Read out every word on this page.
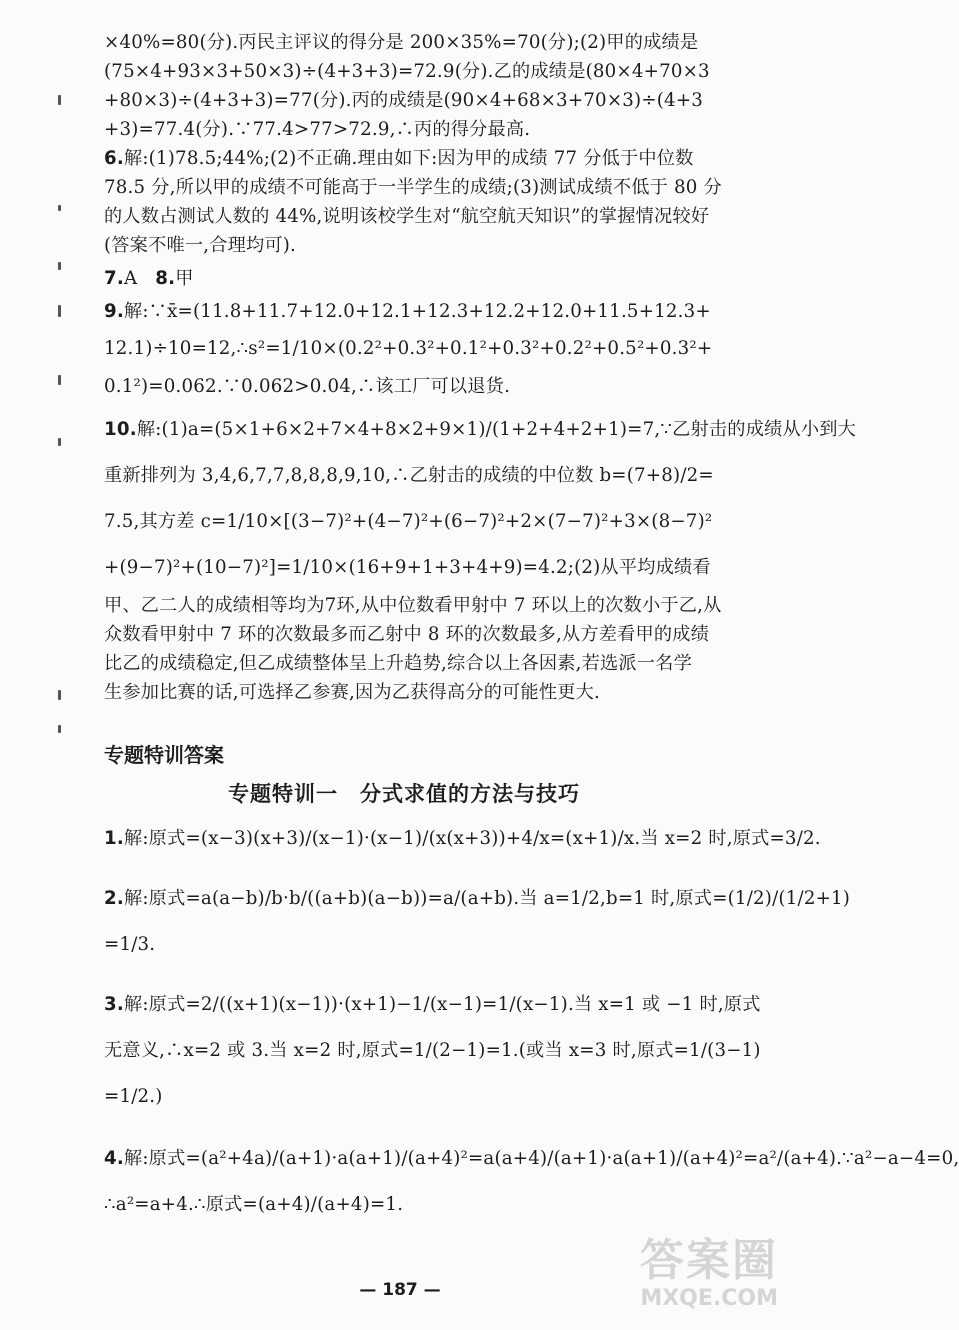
×40%=80(分).丙民主评议的得分是 200×35%=70(分);(2)甲的成绩是
(75×4+93×3+50×3)÷(4+3+3)=72.9(分).乙的成绩是(80×4+70×3
+80×3)÷(4+3+3)=77(分).丙的成绩是(90×4+68×3+70×3)÷(4+3
+3)=77.4(分).∵77.4>77>72.9,∴丙的得分最高.
6.解:(1)78.5;44%;(2)不正确.理由如下:因为甲的成绩 77 分低于中位数
78.5 分,所以甲的成绩不可能高于一半学生的成绩;(3)测试成绩不低于 80 分
的人数占测试人数的 44%,说明该校学生对“航空航天知识”的掌握情况较好
(答案不唯一,合理均可).
7.A 8.甲
9.解:∵x̄=(11.8+11.7+12.0+12.1+12.3+12.2+12.0+11.5+12.3+
12.1)÷10=12,∴s²=1/10×(0.2²+0.3²+0.1²+0.3²+0.2²+0.5²+0.3²+
0.1²)=0.062.∵0.062>0.04,∴该工厂可以退货.
10.解:(1)a=(5×1+6×2+7×4+8×2+9×1)/(1+2+4+2+1)=7,∵乙射击的成绩从小到大
重新排列为 3,4,6,7,7,8,8,8,9,10,∴乙射击的成绩的中位数 b=(7+8)/2=
7.5,其方差 c=1/10×[(3−7)²+(4−7)²+(6−7)²+2×(7−7)²+3×(8−7)²
+(9−7)²+(10−7)²]=1/10×(16+9+1+3+4+9)=4.2;(2)从平均成绩看
甲、乙二人的成绩相等均为7环,从中位数看甲射中 7 环以上的次数小于乙,从
众数看甲射中 7 环的次数最多而乙射中 8 环的次数最多,从方差看甲的成绩
比乙的成绩稳定,但乙成绩整体呈上升趋势,综合以上各因素,若选派一名学
生参加比赛的话,可选择乙参赛,因为乙获得高分的可能性更大.
专题特训答案
专题特训一　分式求值的方法与技巧
1.解:原式=(x−3)(x+3)/(x−1)·(x−1)/(x(x+3))+4/x=(x+1)/x.当 x=2 时,原式=3/2.
2.解:原式=a(a−b)/b·b/((a+b)(a−b))=a/(a+b).当 a=1/2,b=1 时,原式=(1/2)/(1/2+1)
=1/3.
3.解:原式=2/((x+1)(x−1))·(x+1)−1/(x−1)=1/(x−1).当 x=1 或 −1 时,原式
无意义,∴x=2 或 3.当 x=2 时,原式=1/(2−1)=1.(或当 x=3 时,原式=1/(3−1)
=1/2.)
4.解:原式=(a²+4a)/(a+1)·a(a+1)/(a+4)²=a(a+4)/(a+1)·a(a+1)/(a+4)²=a²/(a+4).∵a²−a−4=0,
∴a²=a+4.∴原式=(a+4)/(a+4)=1.
— 187 —
答案圈
MXQE.COM
